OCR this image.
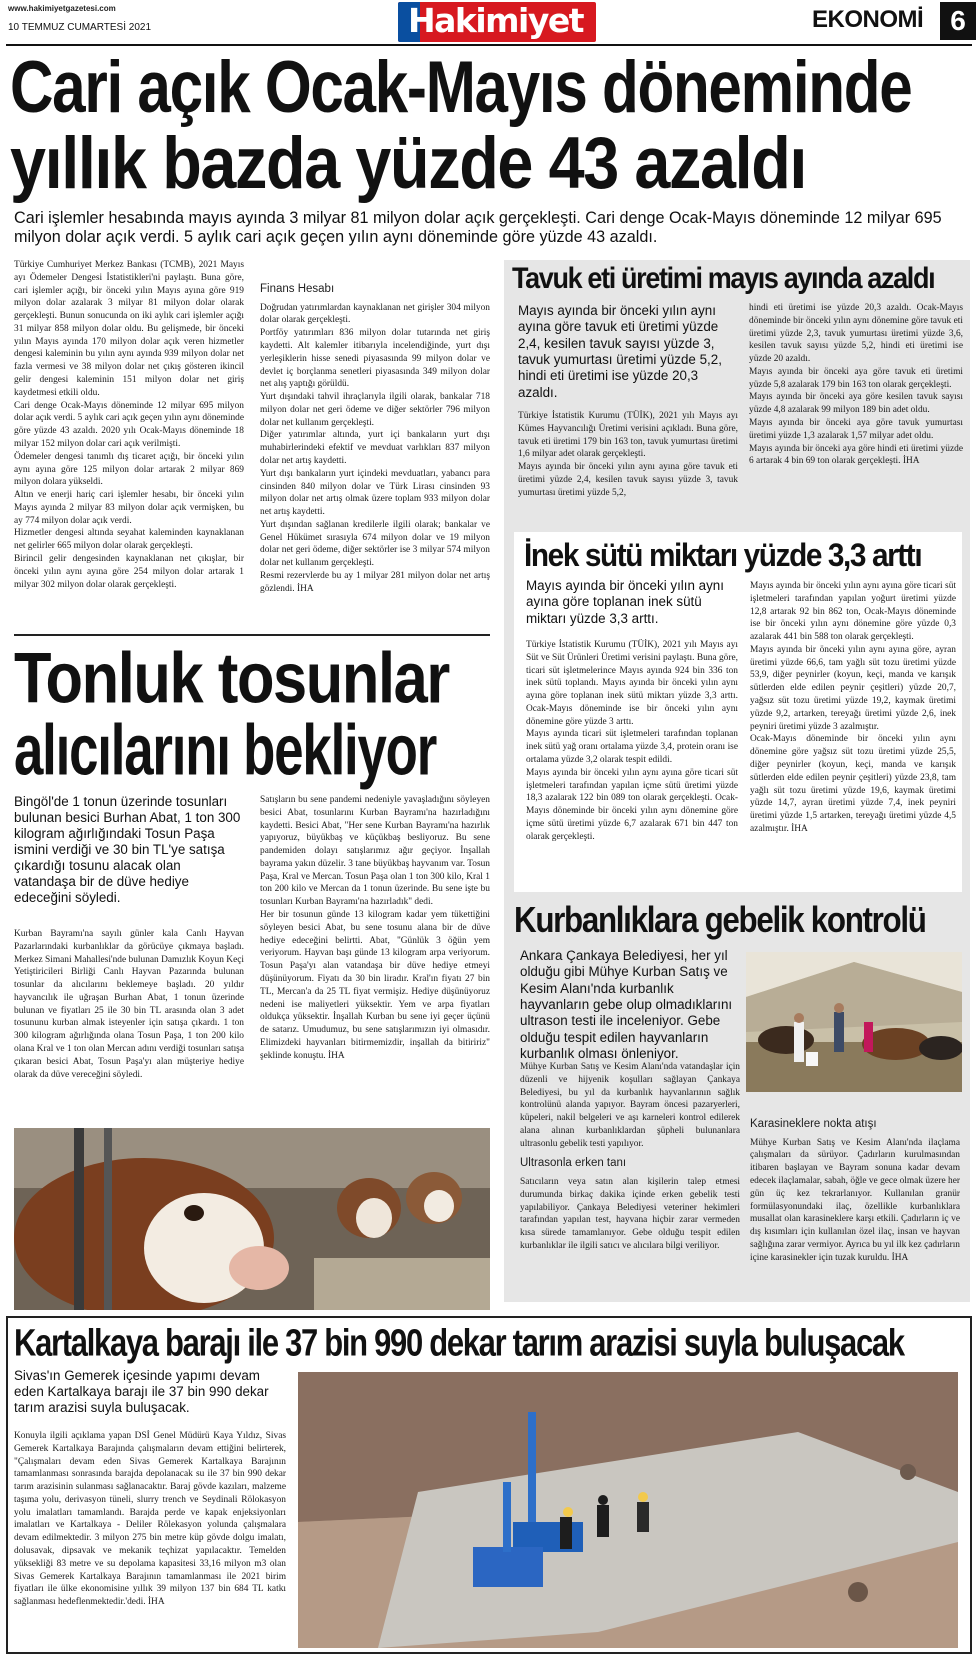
www.hakimiyetgazetesi.com
10 TEMMUZ CUMARTESİ 2021	Hakimiyet	EKONOMİ 6
Cari açık Ocak-Mayıs döneminde
yıllık bazda yüzde 43 azaldı
Cari işlemler hesabında mayıs ayında 3 milyar 81 milyon dolar açık gerçekleşti. Cari denge Ocak-Mayıs döneminde 12 milyar 695 milyon dolar açık verdi. 5 aylık cari açık geçen yılın aynı döneminde göre yüzde 43 azaldı.

Türkiye Cumhuriyet Merkez Bankası (TCMB), 2021 Mayıs ayı Ödemeler Dengesi İstatistikleri'ni paylaştı. Buna göre, cari işlemler açığı, bir önceki yılın Mayıs ayına göre 919 milyon dolar azalarak 3 milyar 81 milyon dolar olarak gerçekleşti. Bunun sonucunda on iki aylık cari işlemler açığı 31 milyar 858 milyon dolar oldu. Bu gelişmede, bir önceki yılın Mayıs ayında 170 milyon dolar açık veren hizmetler dengesi kaleminin bu yılın aynı ayında 939 milyon dolar net fazla vermesi ve 38 milyon dolar net çıkış gösteren ikincil gelir dengesi kaleminin 151 milyon dolar net giriş kaydetmesi etkili oldu.

Cari denge Ocak-Mayıs döneminde 12 milyar 695 milyon dolar açık verdi. 5 aylık cari açık geçen yılın aynı döneminde göre yüzde 43 azaldı. 2020 yılı Ocak-Mayıs döneminde 18 milyar 152 milyon dolar cari açık verilmişti.

Ödemeler dengesi tanımlı dış ticaret açığı, bir önceki yılın aynı ayına göre 125 milyon dolar artarak 2 milyar 869 milyon dolara yükseldi.

Altın ve enerji hariç cari işlemler hesabı, bir önceki yılın Mayıs ayında 2 milyar 83 milyon dolar açık vermişken, bu ay 774 milyon dolar açık verdi.

Hizmetler dengesi altında seyahat kaleminden kaynaklanan net gelirler 665 milyon dolar olarak gerçekleşti.

Birincil gelir dengesinden kaynaklanan net çıkışlar, bir önceki yılın aynı ayına göre 254 milyon dolar artarak 1 milyar 302 milyon dolar olarak gerçekleşti.

Finans Hesabı

Doğrudan yatırımlardan kaynaklanan net girişler 304 milyon dolar olarak gerçekleşti.

Portföy yatırımları 836 milyon dolar tutarında net giriş kaydetti. Alt kalemler itibarıyla incelendiğinde, yurt dışı yerleşiklerin hisse senedi piyasasında 99 milyon dolar ve devlet iç borçlanma senetleri piyasasında 349 milyon dolar net alış yaptığı görüldü.

Yurt dışındaki tahvil ihraçlarıyla ilgili olarak, bankalar 718 milyon dolar net geri ödeme ve diğer sektörler 796 milyon dolar net kullanım gerçekleşti.

Diğer yatırımlar altında, yurt içi bankaların yurt dışı muhabirlerindeki efektif ve mevduat varlıkları 837 milyon dolar net artış kaydetti.

Yurt dışı bankaların yurt içindeki mevduatları, yabancı para cinsinden 840 milyon dolar ve Türk Lirası cinsinden 93 milyon dolar net artış olmak üzere toplam 933 milyon dolar net artış kaydetti.

Yurt dışından sağlanan kredilerle ilgili olarak; bankalar ve Genel Hükümet sırasıyla 674 milyon dolar ve 19 milyon dolar net geri ödeme, diğer sektörler ise 3 milyar 574 milyon dolar net kullanım gerçekleşti.

Resmi rezervlerde bu ay 1 milyar 281 milyon dolar net artış gözlendi. İHA

Tavuk eti üretimi mayıs ayında azaldı
Mayıs ayında bir önceki yılın aynı ayına göre tavuk eti üretimi yüzde 2,4, kesilen tavuk sayısı yüzde 3, tavuk yumurtası üretimi yüzde 5,2, hindi eti üretimi ise yüzde 20,3 azaldı.

Türkiye İstatistik Kurumu (TÜİK), 2021 yılı Mayıs ayı Kümes Hayvancılığı Üretimi verisini açıkladı. Buna göre, tavuk eti üretimi 179 bin 163 ton, tavuk yumurtası üretimi 1,6 milyar adet olarak gerçekleşti.

Mayıs ayında bir önceki yılın aynı ayına göre tavuk eti üretimi yüzde 2,4, kesilen tavuk sayısı yüzde 3, tavuk yumurtası üretimi yüzde 5,2,

hindi eti üretimi ise yüzde 20,3 azaldı. Ocak-Mayıs döneminde bir önceki yılın aynı dönemine göre tavuk eti üretimi yüzde 2,3, tavuk yumurtası üretimi yüzde 3,6, kesilen tavuk sayısı yüzde 5,2, hindi eti üretimi ise yüzde 20 azaldı.

Mayıs ayında bir önceki aya göre tavuk eti üretimi yüzde 5,8 azalarak 179 bin 163 ton olarak gerçekleşti.

Mayıs ayında bir önceki aya göre kesilen tavuk sayısı yüzde 4,8 azalarak 99 milyon 189 bin adet oldu.

Mayıs ayında bir önceki aya göre tavuk yumurtası üretimi yüzde 1,3 azalarak 1,57 milyar adet oldu.

Mayıs ayında bir önceki aya göre hindi eti üretimi yüzde 6 artarak 4 bin 69 ton olarak gerçekleşti. İHA

İnek sütü miktarı yüzde 3,3 arttı
Mayıs ayında bir önceki yılın aynı ayına göre toplanan inek sütü miktarı yüzde 3,3 arttı.

Türkiye İstatistik Kurumu (TÜİK), 2021 yılı Mayıs ayı Süt ve Süt Ürünleri Üretimi verisini paylaştı. Buna göre, ticari süt işletmelerince Mayıs ayında 924 bin 336 ton inek sütü toplandı. Mayıs ayında bir önceki yılın aynı ayına göre toplanan inek sütü miktarı yüzde 3,3 arttı. Ocak-Mayıs döneminde ise bir önceki yılın aynı dönemine göre yüzde 3 arttı.

Mayıs ayında ticari süt işletmeleri tarafından toplanan inek sütü yağ oranı ortalama yüzde 3,4, protein oranı ise ortalama yüzde 3,2 olarak tespit edildi.

Mayıs ayında bir önceki yılın aynı ayına göre ticari süt işletmeleri tarafından yapılan içme sütü üretimi yüzde 18,3 azalarak 122 bin 089 ton olarak gerçekleşti. Ocak-Mayıs döneminde bir önceki yılın aynı dönemine göre içme sütü üretimi yüzde 6,7 azalarak 671 bin 447 ton olarak gerçekleşti.

Mayıs ayında bir önceki yılın aynı ayına göre ticari süt işletmeleri tarafından yapılan yoğurt üretimi yüzde 12,8 artarak 92 bin 862 ton, Ocak-Mayıs döneminde ise bir önceki yılın aynı dönemine göre yüzde 0,3 azalarak 441 bin 588 ton olarak gerçekleşti.

Mayıs ayında bir önceki yılın aynı ayına göre, ayran üretimi yüzde 66,6, tam yağlı süt tozu üretimi yüzde 53,9, diğer peynirler (koyun, keçi, manda ve karışık sütlerden elde edilen peynir çeşitleri) yüzde 20,7, yağsız süt tozu üretimi yüzde 19,2, kaymak üretimi yüzde 9,2, artarken, tereyağı üretimi yüzde 2,6, inek peyniri üretimi yüzde 3 azalmıştır.

Ocak-Mayıs döneminde bir önceki yılın aynı dönemine göre yağsız süt tozu üretimi yüzde 25,5, diğer peynirler (koyun, keçi, manda ve karışık sütlerden elde edilen peynir çeşitleri) yüzde 23,8, tam yağlı süt tozu üretimi yüzde 19,6, kaymak üretimi yüzde 14,7, ayran üretimi yüzde 7,4, inek peyniri üretimi yüzde 1,5 artarken, tereyağı üretimi yüzde 4,5 azalmıştır. İHA

Kurbanlıklara gebelik kontrolü
Ankara Çankaya Belediyesi, her yıl olduğu gibi Mühye Kurban Satış ve Kesim Alanı'nda kurbanlık hayvanların gebe olup olmadıklarını ultrason testi ile inceleniyor. Gebe olduğu tespit edilen hayvanların kurbanlık olması önleniyor.

Mühye Kurban Satış ve Kesim Alanı'nda vatandaşlar için düzenli ve hijyenik koşulları sağlayan Çankaya Belediyesi, bu yıl da kurbanlık hayvanlarının sağlık kontrolünü alanda yapıyor. Bayram öncesi pazaryerleri, küpeleri, nakil belgeleri ve aşı karneleri kontrol edilerek alana alınan kurbanlıklardan şüpheli bulunanlara ultrasonlu gebelik testi yapılıyor.

Ultrasonla erken tanı

Satıcıların veya satın alan kişilerin talep etmesi durumunda birkaç dakika içinde erken gebelik testi yapılabiliyor. Çankaya Belediyesi veteriner hekimleri tarafından yapılan test, hayvana hiçbir zarar vermeden kısa sürede tamamlanıyor. Gebe olduğu tespit edilen kurbanlıklar ile ilgili satıcı ve alıcılara bilgi veriliyor.

Karasineklere nokta atışı

Mühye Kurban Satış ve Kesim Alanı'nda ilaçlama çalışmaları da sürüyor. Çadırların kurulmasından itibaren başlayan ve Bayram sonuna kadar devam edecek ilaçlamalar, sabah, öğle ve gece olmak üzere her gün üç kez tekrarlanıyor. Kullanılan granür formülasyonundaki ilaç, özellikle kurbanlıklara musallat olan karasineklere karşı etkili. Çadırların iç ve dış kısımları için kullanılan özel ilaç, insan ve hayvan sağlığına zarar vermiyor. Ayrıca bu yıl ilk kez çadırların içine karasinekler için tuzak kuruldu. İHA

Tonluk tosunlar
alıcılarını bekliyor
Bingöl'de 1 tonun üzerinde tosunları bulunan besici Burhan Abat, 1 ton 300 kilogram ağırlığındaki Tosun Paşa ismini verdiği ve 30 bin TL'ye satışa çıkardığı tosunu alacak olan vatandaşa bir de düve hediye edeceğini söyledi.

Kurban Bayramı'na sayılı günler kala Canlı Hayvan Pazarlarındaki kurbanlıklar da görücüye çıkmaya başladı. Merkez Simani Mahallesi'nde bulunan Damızlık Koyun Keçi Yetiştiricileri Birliği Canlı Hayvan Pazarında bulunan tosunlar da alıcılarını beklemeye başladı. 20 yıldır hayvancılık ile uğraşan Burhan Abat, 1 tonun üzerinde bulunan ve fiyatları 25 ile 30 bin TL arasında olan 3 adet tosununu kurban almak isteyenler için satışa çıkardı. 1 ton 300 kilogram ağırlığında olana Tosun Paşa, 1 ton 200 kilo olana Kral ve 1 ton olan Mercan adını verdiği tosunları satışa çıkaran besici Abat, Tosun Paşa'yı alan müşteriye hediye olarak da düve vereceğini söyledi.

Satışların bu sene pandemi nedeniyle yavaşladığını söyleyen besici Abat, tosunlarını Kurban Bayramı'na hazırladığını kaydetti. Besici Abat, "Her sene Kurban Bayramı'na hazırlık yapıyoruz, büyükbaş ve küçükbaş besliyoruz. Bu sene pandemiden dolayı satışlarımız ağır geçiyor. İnşallah bayrama yakın düzelir. 3 tane büyükbaş hayvanım var. Tosun Paşa, Kral ve Mercan. Tosun Paşa olan 1 ton 300 kilo, Kral 1 ton 200 kilo ve Mercan da 1 tonun üzerinde. Bu sene işte bu tosunları Kurban Bayramı'na hazırladık" dedi.

Her bir tosunun günde 13 kilogram kadar yem tükettiğini söyleyen besici Abat, bu sene tosunu alana bir de düve hediye edeceğini belirtti. Abat, "Günlük 3 öğün yem veriyorum. Hayvan başı günde 13 kilogram arpa veriyorum. Tosun Paşa'yı alan vatandaşa bir düve hediye etmeyi düşünüyorum. Fiyatı da 30 bin liradır. Kral'ın fiyatı 27 bin TL, Mercan'a da 25 TL fiyat vermişiz. Hediye düşünüyoruz nedeni ise maliyetleri yüksektir. Yem ve arpa fiyatları oldukça yüksektir. İnşallah Kurban bu sene iyi geçer üçünü de satarız. Umudumuz, bu sene satışlarımızın iyi olmasıdır. Elimizdeki hayvanları bitirmemizdir, inşallah da bitiririz" şeklinde konuştu. İHA

Kartalkaya barajı ile 37 bin 990 dekar tarım arazisi suyla buluşacak
Sivas'ın Gemerek içesinde yapımı devam eden Kartalkaya barajı ile 37 bin 990 dekar tarım arazisi suyla buluşacak.

Konuyla ilgili açıklama yapan DSİ Genel Müdürü Kaya Yıldız, Sivas Gemerek Kartalkaya Barajında çalışmaların devam ettiğini belirterek, "Çalışmaları devam eden Sivas Gemerek Kartalkaya Barajının tamamlanması sonrasında barajda depolanacak su ile 37 bin 990 dekar tarım arazisinin sulanması sağlanacaktır. Baraj gövde kazıları, malzeme taşıma yolu, derivasyon tüneli, slurry trench ve Seydinali Rölokasyon yolu imalatları tamamlandı. Barajda perde ve kapak enjeksiyonları imalatları ve Kartalkaya - Deliler Rölekasyon yolunda çalışmalara devam edilmektedir. 3 milyon 275 bin metre küp gövde dolgu imalatı, dolusavak, dipsavak ve mekanik teçhizat yapılacaktır. Temelden yüksekliği 83 metre ve su depolama kapasitesi 33,16 milyon m3 olan Sivas Gemerek Kartalkaya Barajının tamamlanması ile 2021 birim fiyatları ile ülke ekonomisine yıllık 39 milyon 137 bin 684 TL katkı sağlanması hedeflenmektedir.'dedi. İHA
